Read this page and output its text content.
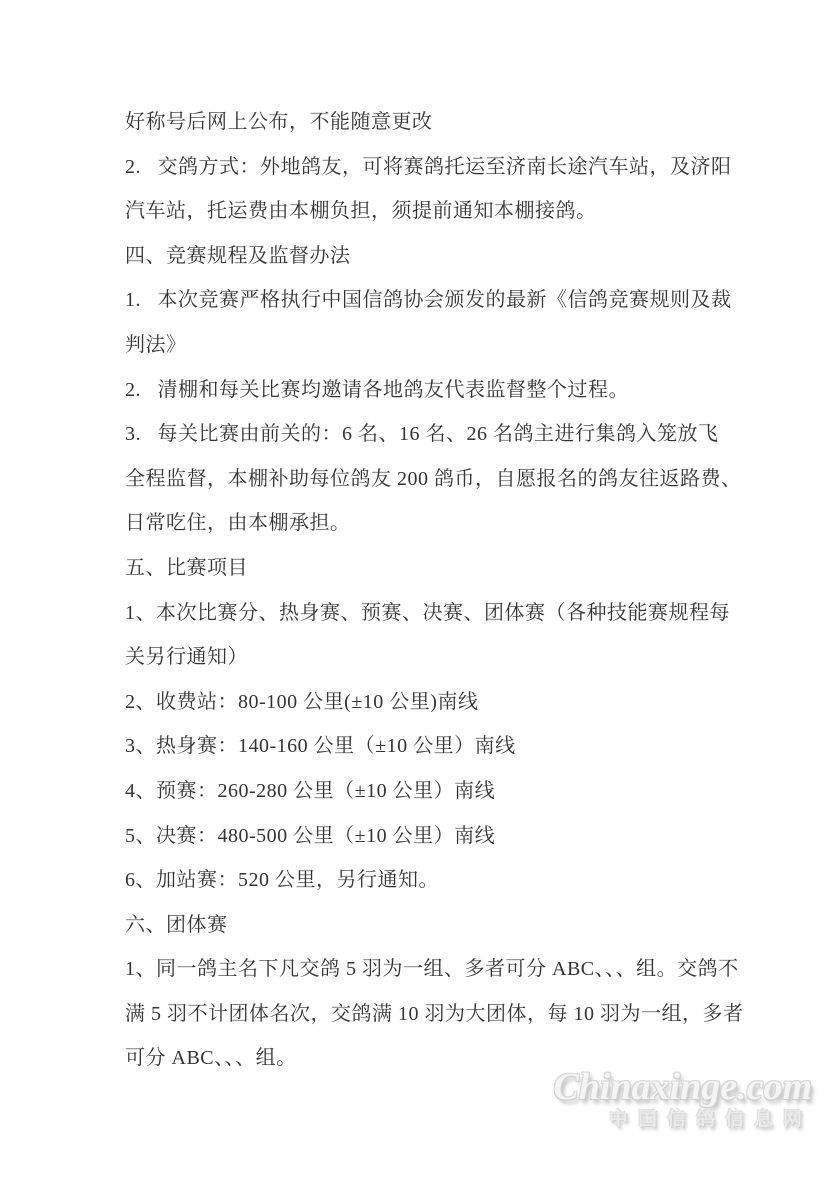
好称号后网上公布，不能随意更改

2.   交鸽方式：外地鸽友，可将赛鸽托运至济南长途汽车站，及济阳

汽车站，托运费由本棚负担，须提前通知本棚接鸽。

四、竞赛规程及监督办法

1.   本次竞赛严格执行中国信鸽协会颁发的最新《信鸽竞赛规则及裁

判法》

2.   清棚和每关比赛均邀请各地鸽友代表监督整个过程。

3.   每关比赛由前关的：6 名、16 名、26 名鸽主进行集鸽入笼放飞

全程监督，本棚补助每位鸽友 200 鸽币，自愿报名的鸽友往返路费、

日常吃住，由本棚承担。

五、比赛项目

1、本次比赛分、热身赛、预赛、决赛、团体赛（各种技能赛规程每

关另行通知）

2、收费站：80-100 公里(±10 公里)南线

3、热身赛：140-160 公里（±10 公里）南线

4、预赛：260-280 公里（±10 公里）南线

5、决赛：480-500 公里（±10 公里）南线

6、加站赛：520 公里，另行通知。

六、团体赛

1、同一鸽主名下凡交鸽 5 羽为一组、多者可分 ABC、、、组。交鸽不

满 5 羽不计团体名次，交鸽满 10 羽为大团体，每 10 羽为一组，多者

可分 ABC、、、组。

Chinaxinge.com
中国信鸽信息网
